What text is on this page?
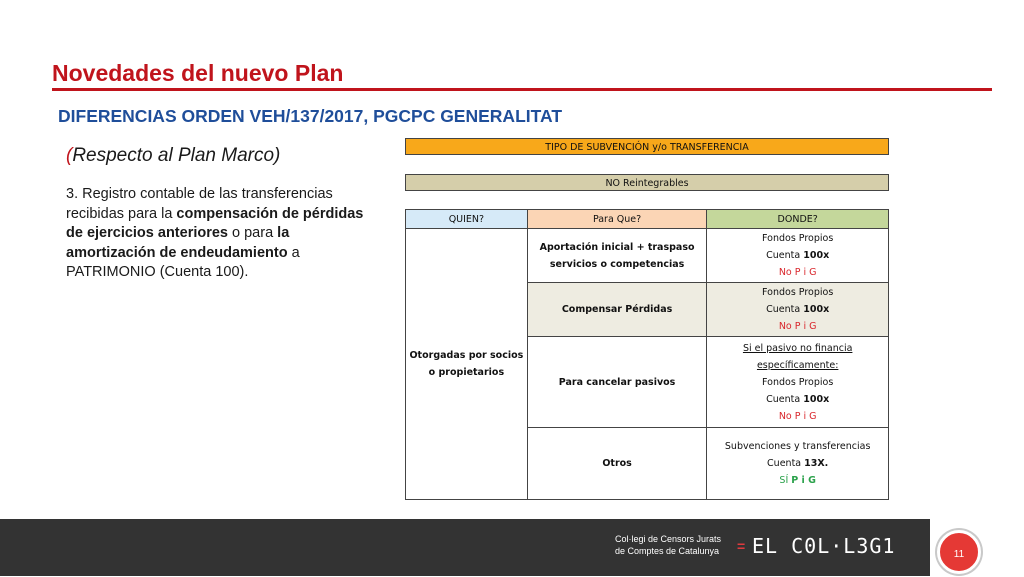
Novedades del nuevo Plan
DIFERENCIAS ORDEN VEH/137/2017, PGCPC GENERALITAT
(Respecto al Plan Marco)
3. Registro contable de las transferencias recibidas para la compensación de pérdidas de ejercicios anteriores o para la amortización de endeudamiento a PATRIMONIO (Cuenta 100).
TIPO DE SUBVENCIÓN y/o TRANSFERENCIA
NO Reintegrables
QUIEN?	Para Que?	DONDE?
Otorgadas por socios o propietarios	Aportación inicial + traspaso servicios o competencias	Fondos Propios
Cuenta 100x
No P i G

	Compensar Pérdidas	Fondos Propios
Cuenta 100x
No P i G

	Para cancelar pasivos	Si el pasivo no financia específicamente:
Fondos Propios
Cuenta 100x
No P i G

	Otros	Subvenciones y transferencias
Cuenta 13X.
SÍ P i G
Col·legi de Censors Jurats
de Comptes de Catalunya = EL C0L·L3G1	11
